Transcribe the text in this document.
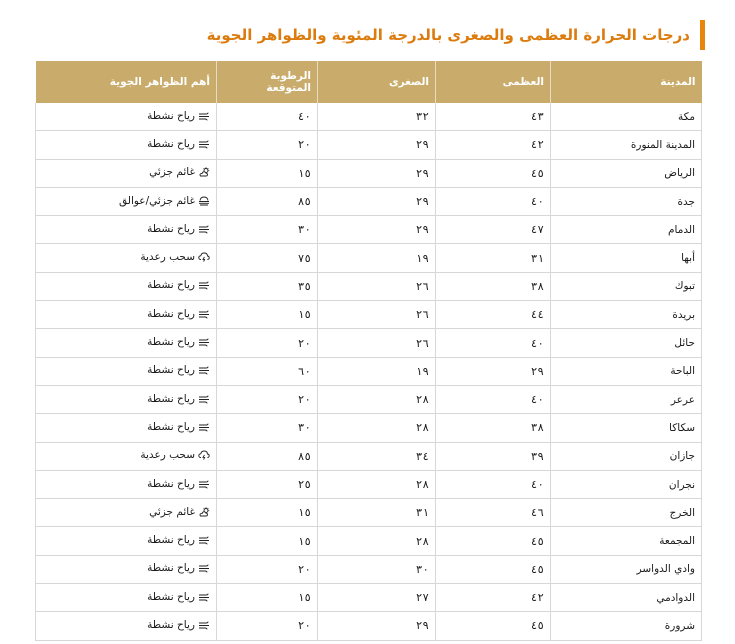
درجات الحرارة العظمى والصغرى بالدرجة المئوية والظواهر الجوية
المدينة	العظمى	الصغرى	الرطوبة المتوقعة	أهم الظواهر الجوية
مكة	٤٣	٣٢	٤٠	رياح نشطة

المدينة المنورة	٤٢	٢٩	٢٠	رياح نشطة

الرياض	٤٥	٢٩	١٥	غائم جزئي

جدة	٤٠	٢٩	٨٥	غائم جزئي/عوالق

الدمام	٤٧	٢٩	٣٠	رياح نشطة

أبها	٣١	١٩	٧٥	سحب رعدية

تبوك	٣٨	٢٦	٣٥	رياح نشطة

بريدة	٤٤	٢٦	١٥	رياح نشطة

حائل	٤٠	٢٦	٢٠	رياح نشطة

الباحة	٢٩	١٩	٦٠	رياح نشطة

عرعر	٤٠	٢٨	٢٠	رياح نشطة

سكاكا	٣٨	٢٨	٣٠	رياح نشطة

جازان	٣٩	٣٤	٨٥	سحب رعدية

نجران	٤٠	٢٨	٢٥	رياح نشطة

الخرج	٤٦	٣١	١٥	غائم جزئي

المجمعة	٤٥	٢٨	١٥	رياح نشطة

وادي الدواسر	٤٥	٣٠	٢٠	رياح نشطة

الدوادمي	٤٢	٢٧	١٥	رياح نشطة

شرورة	٤٥	٢٩	٢٠	رياح نشطة
